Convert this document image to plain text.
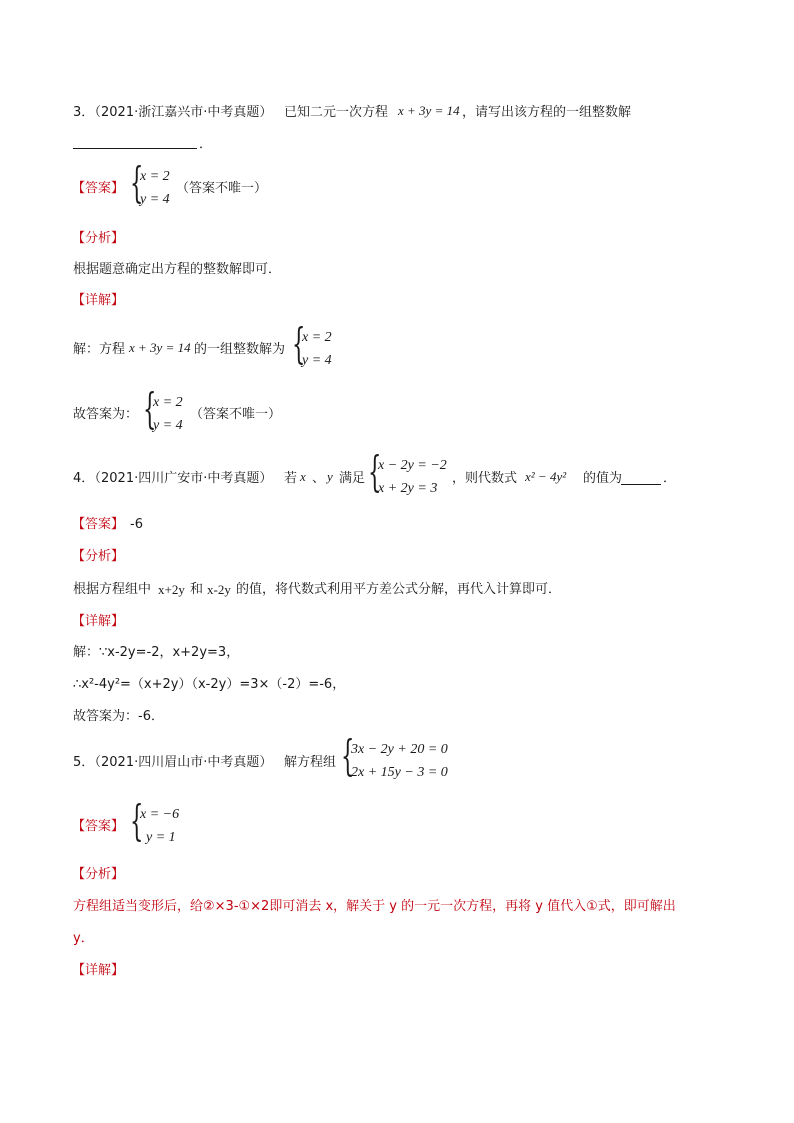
3．
（2021·浙江嘉兴市·中考真题） 已知二元一次方程 x + 3y = 14 ，请写出该方程的一组整数解
．
【答案】 {
x = 2
y = 4
（答案不唯一）
【分析】
根据题意确定出方程的整数解即可．
【详解】
解：方程 x + 3y = 14 的一组整数解为 {
x = 2
y = 4
故答案为： {
x = 2
y = 4
（答案不唯一）
4．
（2021·四川广安市·中考真题） 若 x 、 y 满足 {
x − 2y = −2
x + 2y = 3
，则代数式 x² − 4y² 的值为	．
【答案】 -6
【分析】
根据方程组中 x+2y 和 x-2y 的值，将代数式利用平方差公式分解，再代入计算即可．
【详解】
解：∵x-2y=-2，x+2y=3，
∴x²-4y²=（x+2y）（x-2y）=3×（-2）=-6，
故答案为：-6．
5．
（2021·四川眉山市·中考真题） 解方程组 {
3x − 2y + 20 = 0
2x + 15y − 3 = 0
【答案】 {
x = −6
y = 1
【分析】
方程组适当变形后，给②×3-①×2即可消去 x，解关于 y 的一元一次方程，再将 y 值代入①式，即可解出
y．
【详解】
